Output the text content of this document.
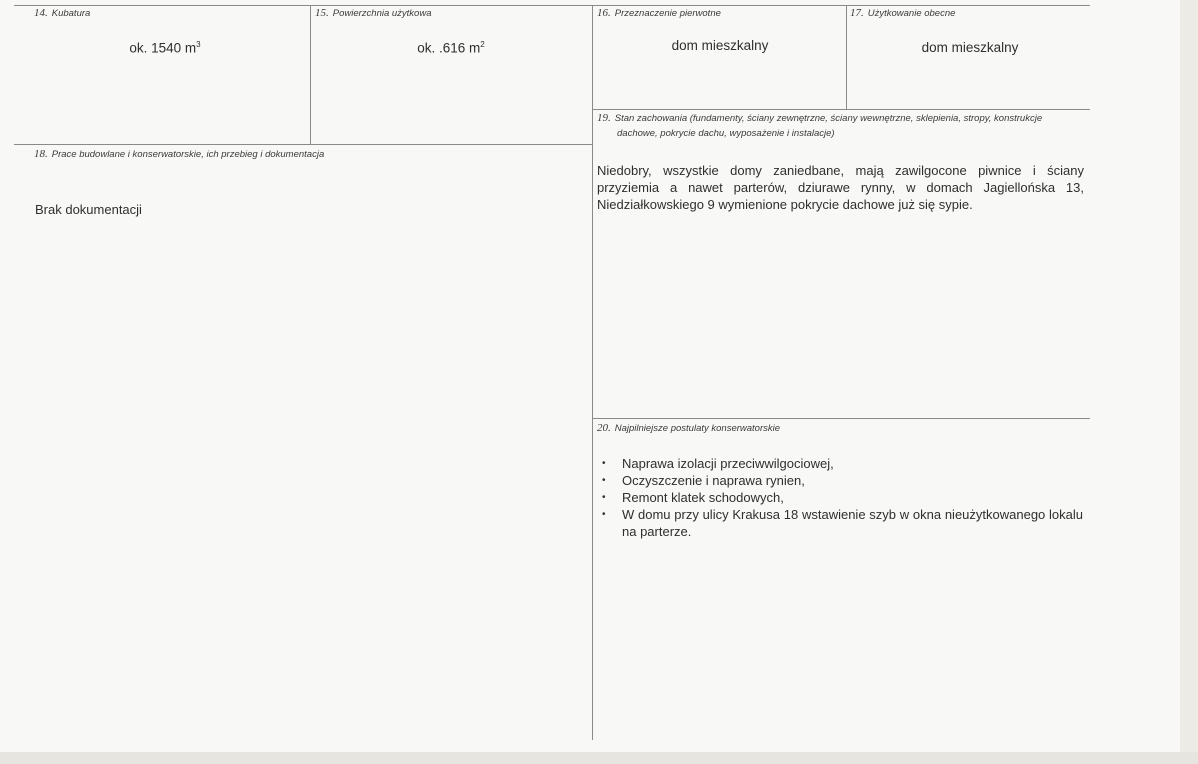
14. Kubatura
ok. 1540 $m^3$
15. Powierzchnia użytkowa
ok. .616 $m^2$
16. Przeznaczenie pierwotne
dom mieszkalny
17. Użytkowanie obecne
dom mieszkalny
18. Prace budowlane i konserwatorskie, ich przebieg i dokumentacja
Brak dokumentacji
19. Stan zachowania (fundamenty, ściany zewnętrzne, ściany wewnętrzne, sklepienia, stropy, konstrukcje
dachowe, pokrycie dachu, wyposażenie i instalacje)
Niedobry, wszystkie domy zaniedbane, mają zawilgocone piwnice i ściany przyziemia a nawet parterów, dziurawe rynny, w domach Jagiellońska 13, Niedziałkowskiego 9 wymienione pokrycie dachowe już się sypie.
20. Najpilniejsze postulaty konserwatorskie
• Naprawa izolacji przeciwwilgociowej,
• Oczyszczenie i naprawa rynien,
• Remont klatek schodowych,
• W domu przy ulicy Krakusa 18 wstawienie szyb w okna nieużytkowanego lokalu na parterze.
